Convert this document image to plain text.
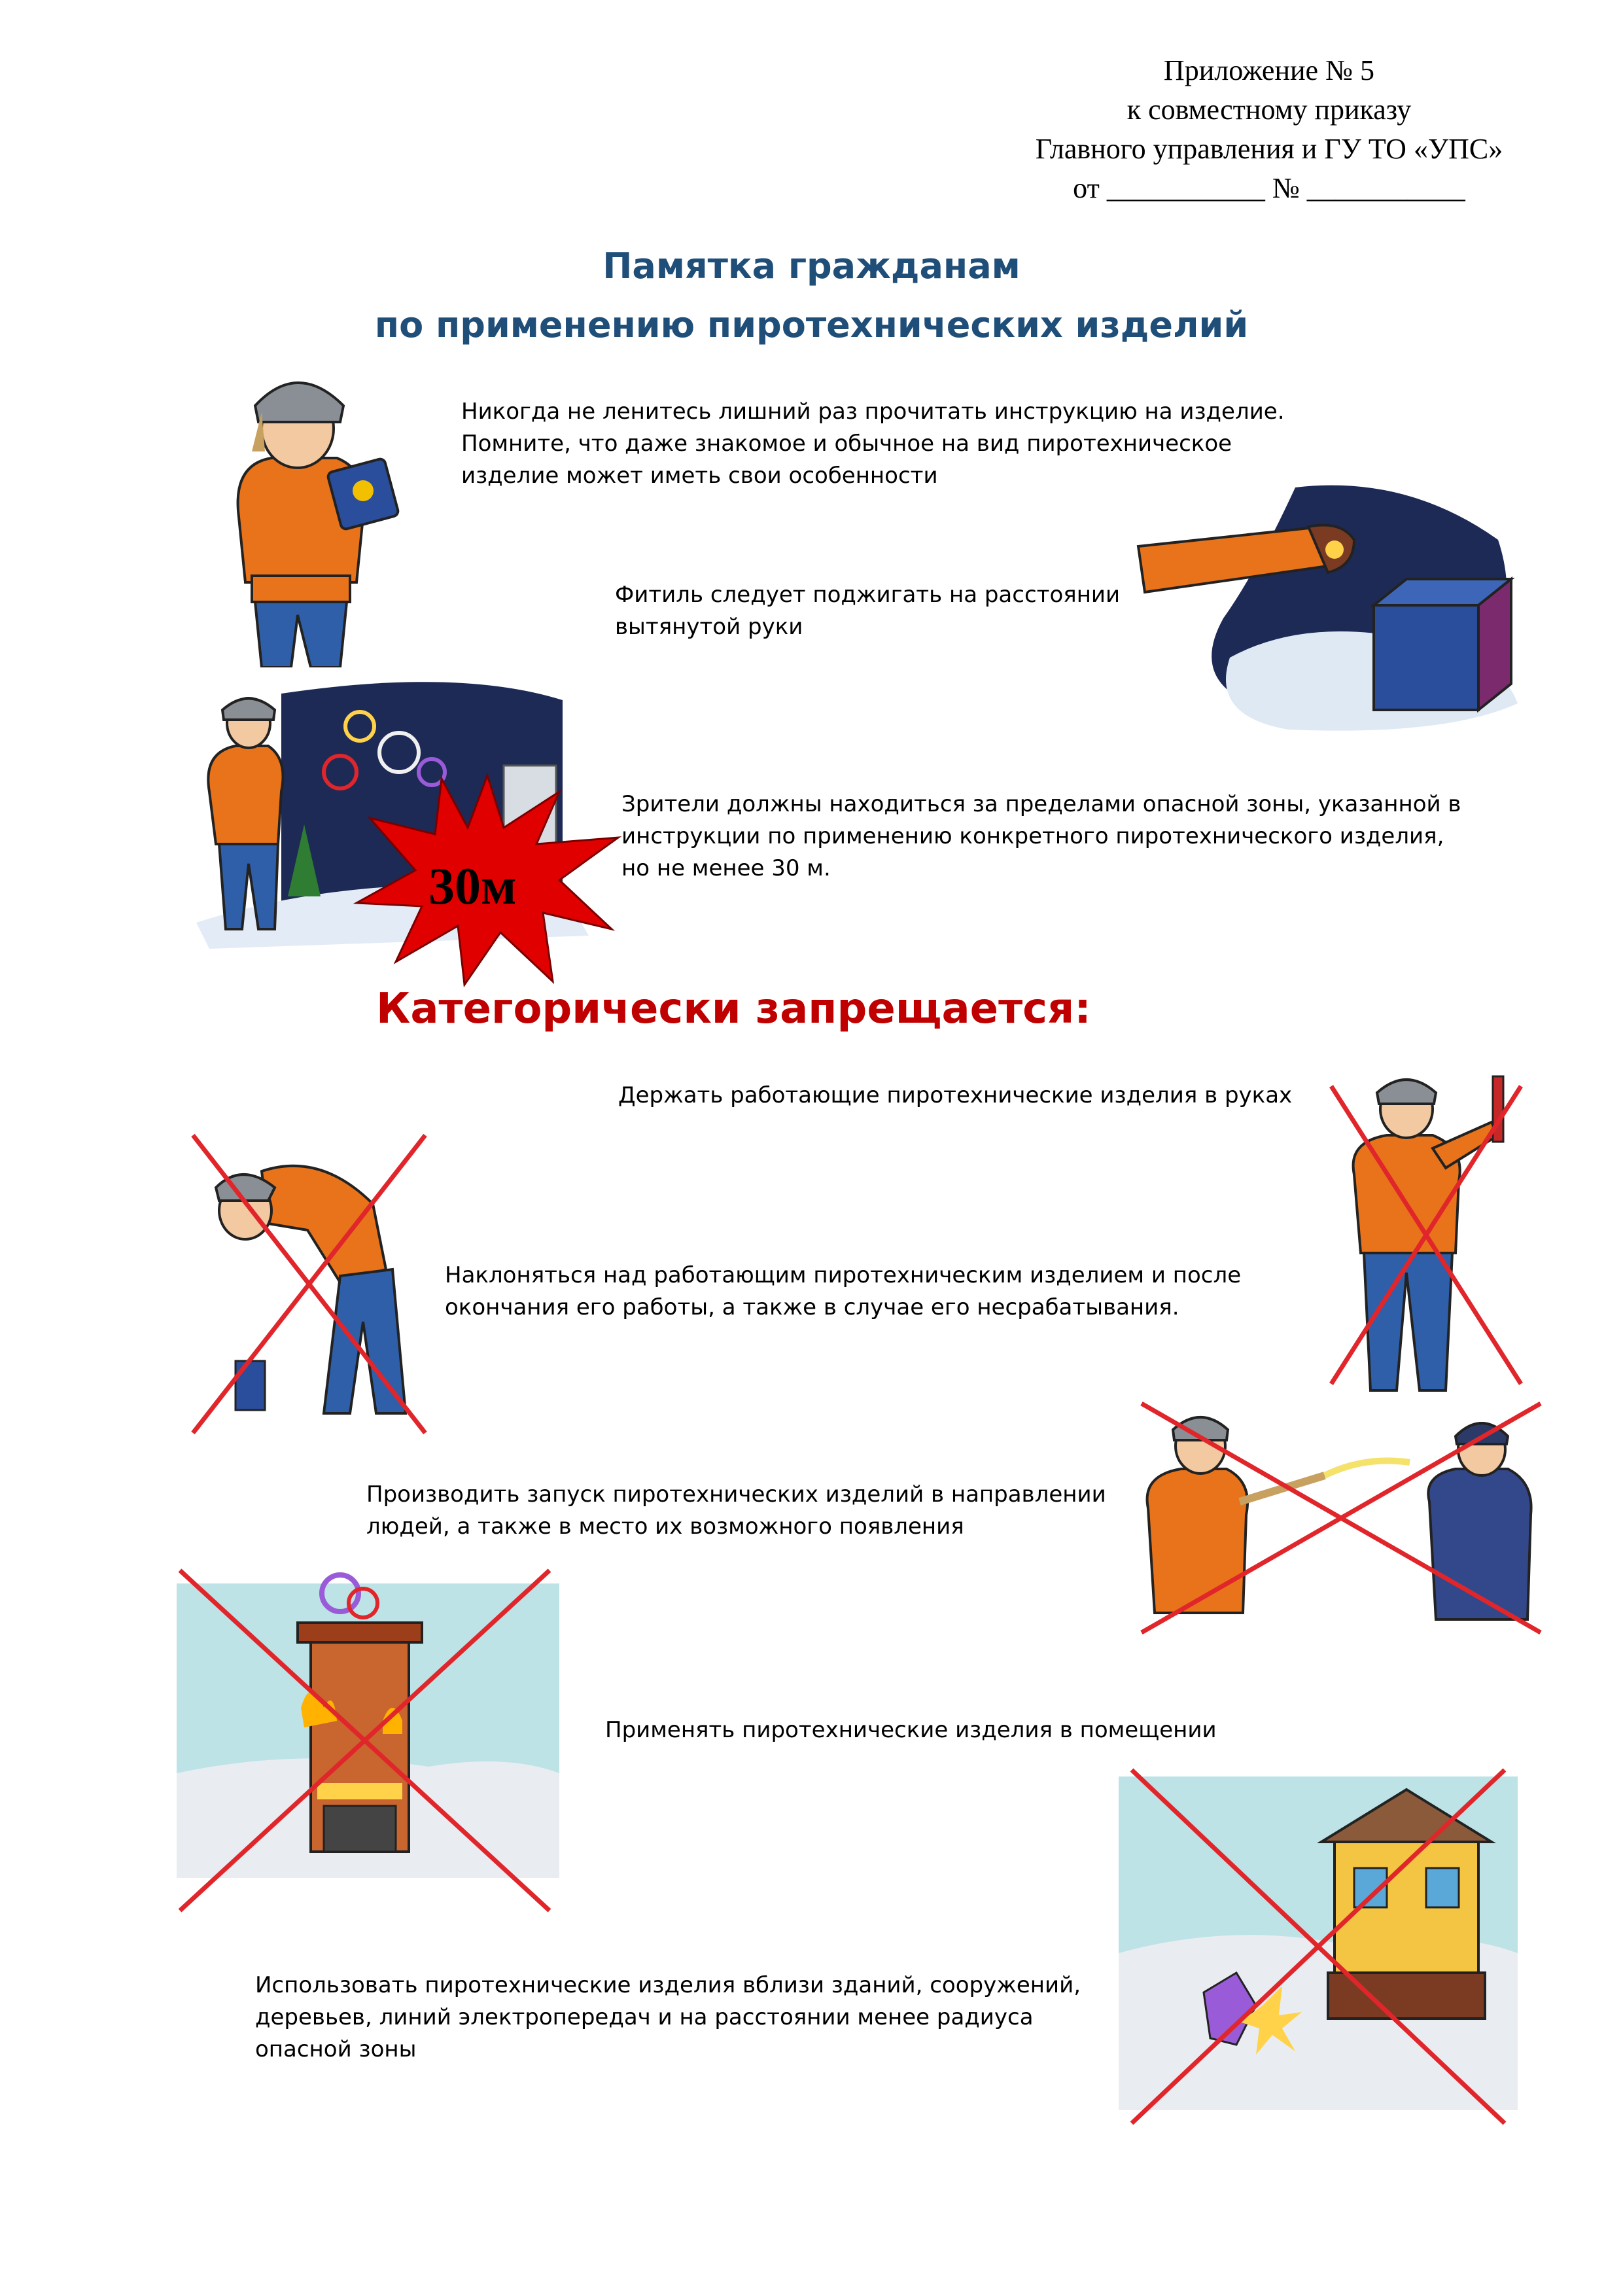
Приложение № 5
к совместному приказу
Главного управления и ГУ ТО «УПС»
от ___________ № ___________
Памятка гражданам
по применению пиротехнических изделий
Никогда не ленитесь лишний раз прочитать инструкцию на изделие.
Помните, что даже знакомое и обычное на вид пиротехническое
изделие может иметь свои особенности
Фитиль следует поджигать на расстоянии
вытянутой руки
30м
Зрители должны находиться за пределами опасной зоны, указанной в
инструкции по применению конкретного пиротехнического изделия,
но не менее 30 м.
Категорически запрещается:
Держать работающие пиротехнические изделия в руках
Наклоняться над работающим пиротехническим изделием и после
окончания его работы, а также в случае его несрабатывания.
Производить запуск пиротехнических изделий в направлении
людей, а также в место их возможного появления
Применять пиротехнические изделия в помещении
Использовать пиротехнические изделия вблизи зданий, сооружений,
деревьев, линий электропередач и на расстоянии менее радиуса
опасной зоны
